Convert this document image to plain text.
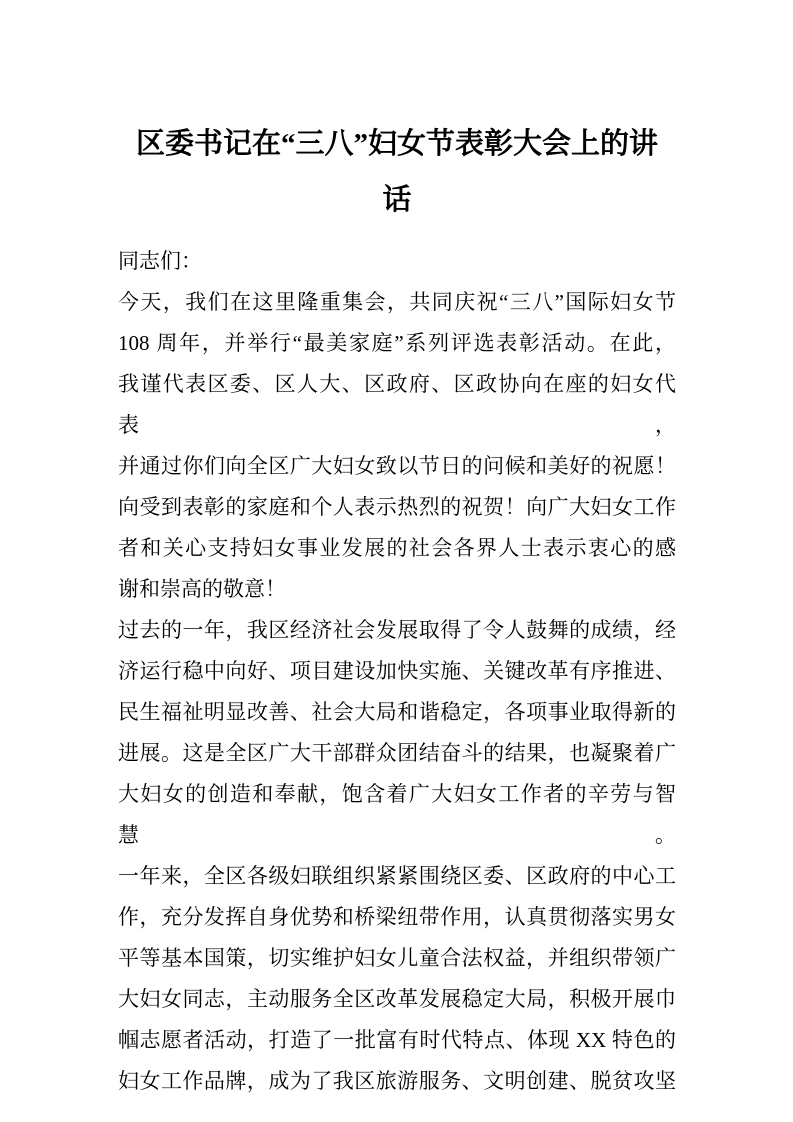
区委书记在“三八”妇女节表彰大会上的讲
话
同志们：
今天，我们在这里隆重集会，共同庆祝“三八”国际妇女节
108 周年，并举行“最美家庭”系列评选表彰活动。在此，
我谨代表区委、区人大、区政府、区政协向在座的妇女代表，
并通过你们向全区广大妇女致以节日的问候和美好的祝愿！
向受到表彰的家庭和个人表示热烈的祝贺！向广大妇女工作
者和关心支持妇女事业发展的社会各界人士表示衷心的感
谢和崇高的敬意！
过去的一年，我区经济社会发展取得了令人鼓舞的成绩，经
济运行稳中向好、项目建设加快实施、关键改革有序推进、
民生福祉明显改善、社会大局和谐稳定，各项事业取得新的
进展。这是全区广大干部群众团结奋斗的结果，也凝聚着广
大妇女的创造和奉献，饱含着广大妇女工作者的辛劳与智慧。
一年来，全区各级妇联组织紧紧围绕区委、区政府的中心工
作，充分发挥自身优势和桥梁纽带作用，认真贯彻落实男女
平等基本国策，切实维护妇女儿童合法权益，并组织带领广
大妇女同志，主动服务全区改革发展稳定大局，积极开展巾
帼志愿者活动，打造了一批富有时代特点、体现 XX 特色的
妇女工作品牌，成为了我区旅游服务、文明创建、脱贫攻坚
